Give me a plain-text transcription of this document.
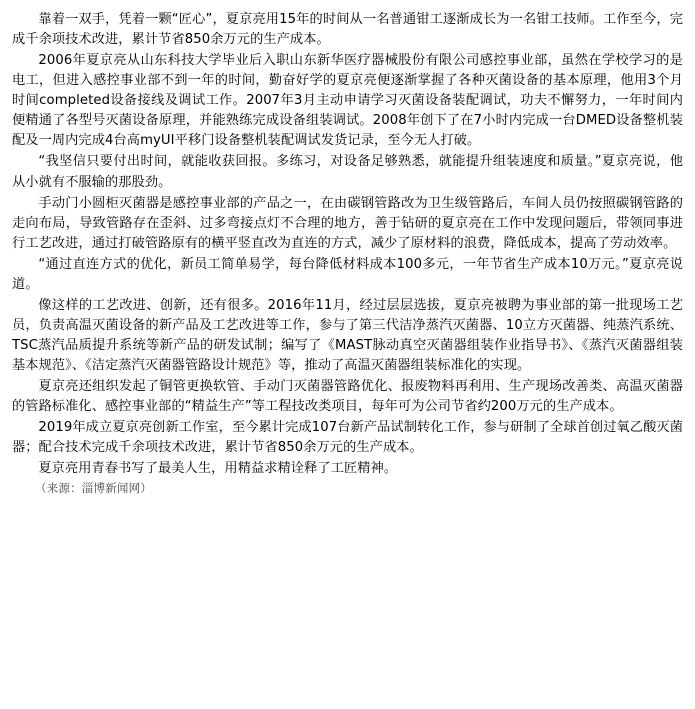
靠着一双手，凭着一颗“匠心”，夏京亮用15年的时间从一名普通钳工逐渐成长为一名钳工技师。工作至今，完成千余项技术改进，累计节省850余万元的生产成本。

2006年夏京亮从山东科技大学毕业后入职山东新华医疗器械股份有限公司感控事业部，虽然在学校学习的是电工，但进入感控事业部不到一年的时间，勤奋好学的夏京亮便逐渐掌握了各种灭菌设备的基本原理，他用3个月时间completed设备接线及调试工作。2007年3月主动申请学习灭菌设备装配调试，功夫不懈努力，一年时间内便精通了各型号灭菌设备原理，并能熟练完成设备组装调试。2008年创下了在7小时内完成一台DMED设备整机装配及一周内完成4台高myUI平移门设备整机装配调试发货记录，至今无人打破。

“我坚信只要付出时间，就能收获回报。多练习，对设备足够熟悉，就能提升组装速度和质量。”夏京亮说，他从小就有不服输的那股劲。

手动门小圆柜灭菌器是感控事业部的产品之一，在由碳钢管路改为卫生级管路后，车间人员仍按照碳钢管路的走向布局，导致管路存在歪斜、过多弯接点灯不合理的地方，善于钻研的夏京亮在工作中发现问题后，带领同事进行工艺改进，通过打破管路原有的横平竖直改为直连的方式，减少了原材料的浪费，降低成本，提高了劳动效率。

“通过直连方式的优化，新员工简单易学，每台降低材料成本100多元，一年节省生产成本10万元。”夏京亮说道。

像这样的工艺改进、创新，还有很多。2016年11月，经过层层选拔，夏京亮被聘为事业部的第一批现场工艺员，负责高温灭菌设备的新产品及工艺改进等工作，参与了第三代洁净蒸汽灭菌器、10立方灭菌器、纯蒸汽系统、TSC蒸汽品质提升系统等新产品的研发试制；编写了《MAST脉动真空灭菌器组装作业指导书》、《蒸汽灭菌器组装基本规范》、《洁定蒸汽灭菌器管路设计规范》等，推动了高温灭菌器组装标准化的实现。

夏京亮还组织发起了铜管更换软管、手动门灭菌器管路优化、报废物料再利用、生产现场改善类、高温灭菌器的管路标准化、感控事业部的“精益生产”等工程技改类项目，每年可为公司节省约200万元的生产成本。

2019年成立夏京亮创新工作室，至今累计完成107台新产品试制转化工作，参与研制了全球首创过氧乙酸灭菌器；配合技术完成千余项技术改进，累计节省850余万元的生产成本。

夏京亮用青春书写了最美人生，用精益求精诠释了工匠精神。

（来源：淄博新闻网）
